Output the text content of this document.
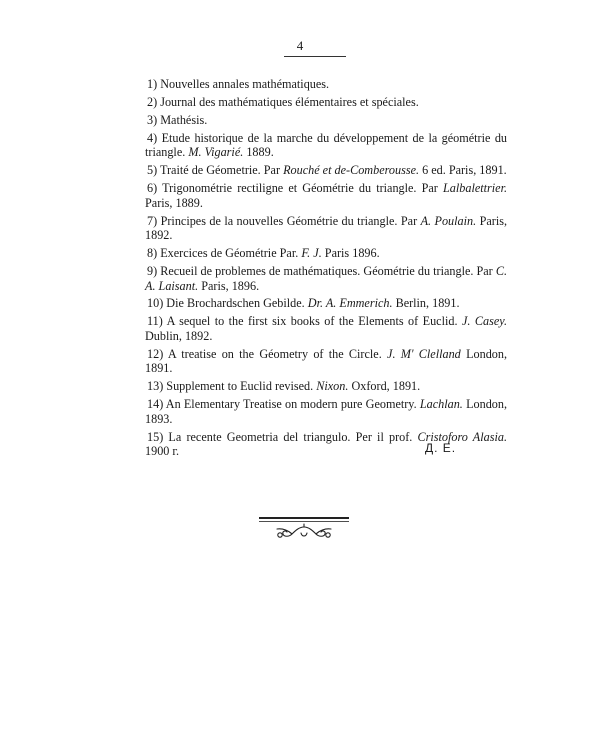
4

1) Nouvelles annales mathématiques.

2) Journal des mathématiques élémentaires et spéciales.

3) Mathésis.

4) Etude historique de la marche du développement de la géométrie du triangle. M. Vigarié. 1889.

5) Traité de Géometrie. Par Rouché et de-Comberousse. 6 ed. Paris, 1891.

6) Trigonométrie rectiligne et Géométrie du triangle. Par Lalbalettrier. Paris, 1889.

7) Principes de la nouvelles Géométrie du triangle. Par A. Poulain. Paris, 1892.

8) Exercices de Géométrie Par. F. J. Paris 1896.

9) Recueil de problemes de mathématiques. Géométrie du triangle. Par C. A. Laisant. Paris, 1896.

10) Die Brochardschen Gebilde. Dr. A. Emmerich. Berlin, 1891.

11) A sequel to the first six books of the Elements of Euclid. J. Casey. Dublin, 1892.

12) A treatise on the Géometry of the Circle. J. M' Clelland London, 1891.

13) Supplement to Euclid revised. Nixon. Oxford, 1891.

14) An Elementary Treatise on modern pure Geometry. Lachlan. London, 1893.

15) La recente Geometria del triangulo. Per il prof. Cristoforo Alasia. 1900 г.	Д. Е.
